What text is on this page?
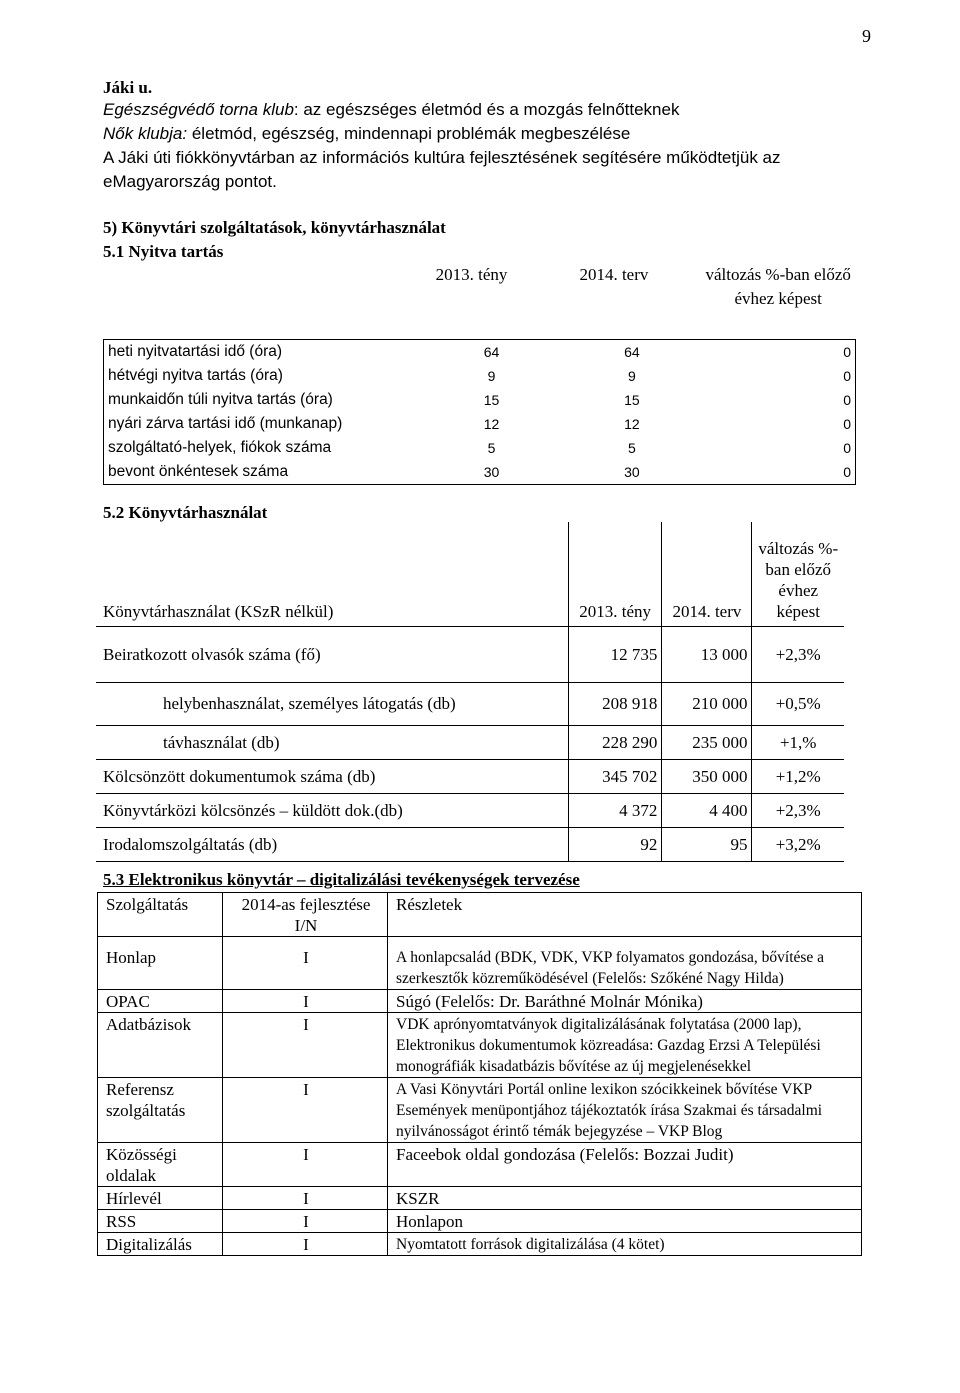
9
Jáki u.
Egészségvédő torna klub: az egészséges életmód és a mozgás felnőtteknek
Nők klubja: életmód, egészség, mindennapi problémák megbeszélése
A Jáki úti fiókkönyvtárban az információs kultúra fejlesztésének segítésére működtetjük az
eMagyarország pontot.
5) Könyvtári szolgáltatások, könyvtárhasználat
5.1 Nyitva tartás
	2013. tény	2014. terv	változás %-ban előző évhez képest
heti nyitvatartási idő (óra)	64	64	0
hétvégi nyitva tartás (óra)	9	9	0
munkaidőn túli nyitva tartás (óra)	15	15	0
nyári zárva tartási idő (munkanap)	12	12	0
szolgáltató-helyek, fiókok száma	5	5	0
bevont önkéntesek száma	30	30	0
5.2 Könyvtárhasználat
Könyvtárhasználat (KSzR nélkül)	2013. tény	2014. terv	változás %-ban előző évhez képest
Beiratkozott olvasók száma (fő)	12 735	13 000	+2,3%
helybenhasználat, személyes látogatás (db)	208 918	210 000	+0,5%
távhasználat (db)	228 290	235 000	+1,%
Kölcsönzött dokumentumok száma (db)	345 702	350 000	+1,2%
Könyvtárközi kölcsönzés – küldött dok.(db)	4 372	4 400	+2,3%
Irodalomszolgáltatás (db)	92	95	+3,2%
5.3 Elektronikus könyvtár – digitalizálási tevékenységek tervezése
Szolgáltatás	2014-as fejlesztése I/N	Részletek
Honlap	I	A honlapcsalád (BDK, VDK, VKP folyamatos gondozása, bővítése a szerkesztők közreműködésével (Felelős: Szőkéné Nagy Hilda)
OPAC	I	Súgó (Felelős: Dr. Baráthné Molnár Mónika)
Adatbázisok	I	VDK aprónyomtatványok digitalizálásának folytatása (2000 lap), Elektronikus dokumentumok közreadása: Gazdag Erzsi A Települési monográfiák kisadatbázis bővítése az új megjelenésekkel
Referensz szolgáltatás	I	A Vasi Könyvtári Portál online lexikon szócikkeinek bővítése VKP Események menüpontjához tájékoztatók írása Szakmai és társadalmi nyilvánosságot érintő témák bejegyzése – VKP Blog
Közösségi oldalak	I	Faceebok oldal gondozása (Felelős: Bozzai Judit)
Hírlevél	I	KSZR
RSS	I	Honlapon
Digitalizálás	I	Nyomtatott források digitalizálása (4 kötet)
